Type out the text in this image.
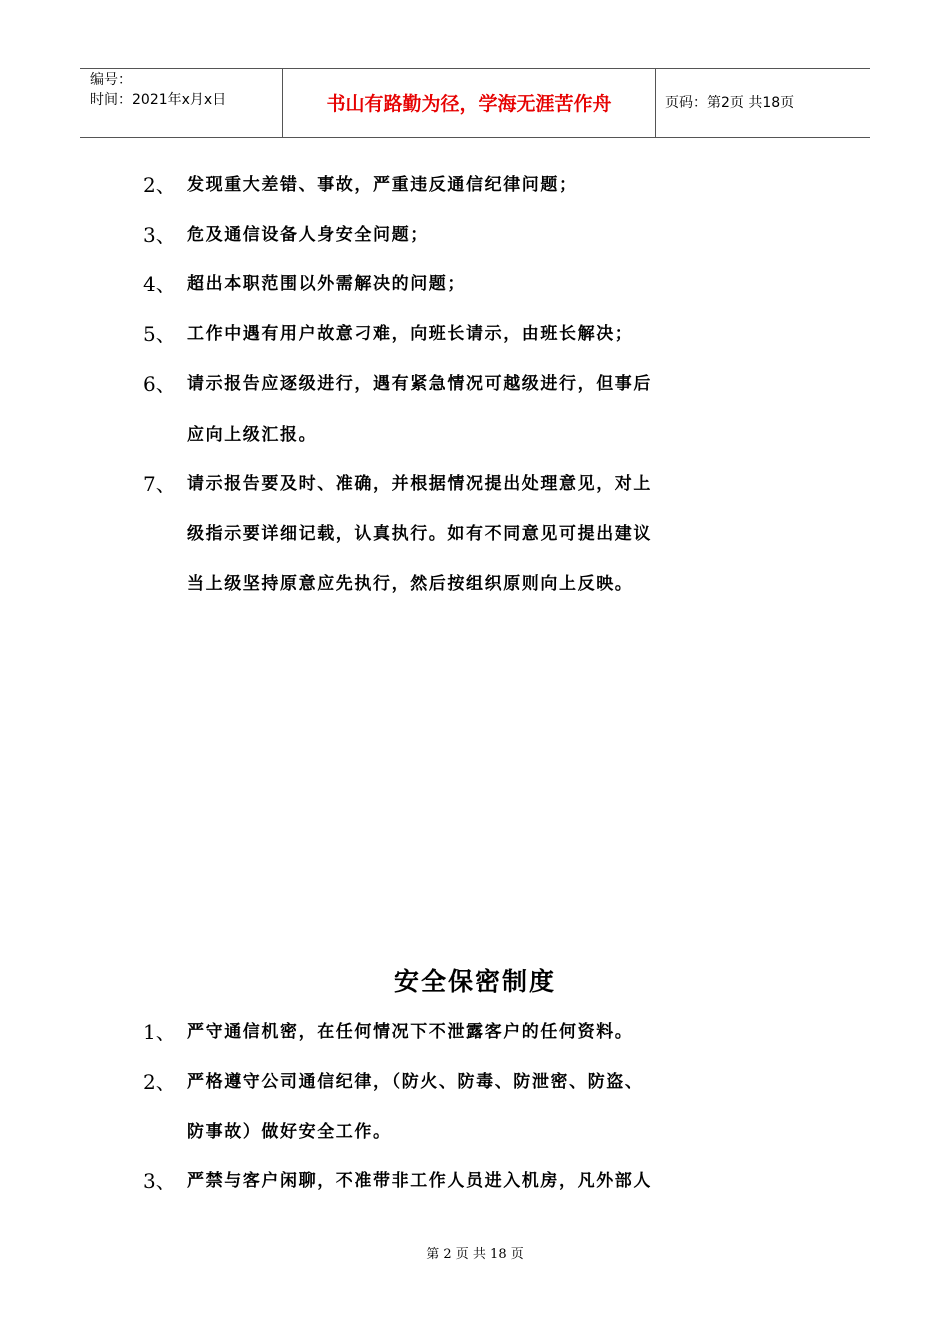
编号：
时间：2021年x月x日	书山有路勤为径，学海无涯苦作舟	页码：第2页 共18页
2、 发现重大差错、事故，严重违反通信纪律问题；
3、 危及通信设备人身安全问题；
4、 超出本职范围以外需解决的问题；
5、 工作中遇有用户故意刁难，向班长请示，由班长解决；
6、 请示报告应逐级进行，遇有紧急情况可越级进行，但事后
应向上级汇报。
7、 请示报告要及时、准确，并根据情况提出处理意见，对上
级指示要详细记载，认真执行。如有不同意见可提出建议
当上级坚持原意应先执行，然后按组织原则向上反映。
安全保密制度
1、 严守通信机密，在任何情况下不泄露客户的任何资料。
2、 严格遵守公司通信纪律，（防火、防毒、防泄密、防盗、
防事故）做好安全工作。
3、 严禁与客户闲聊，不准带非工作人员进入机房，凡外部人
第 2 页 共 18 页
